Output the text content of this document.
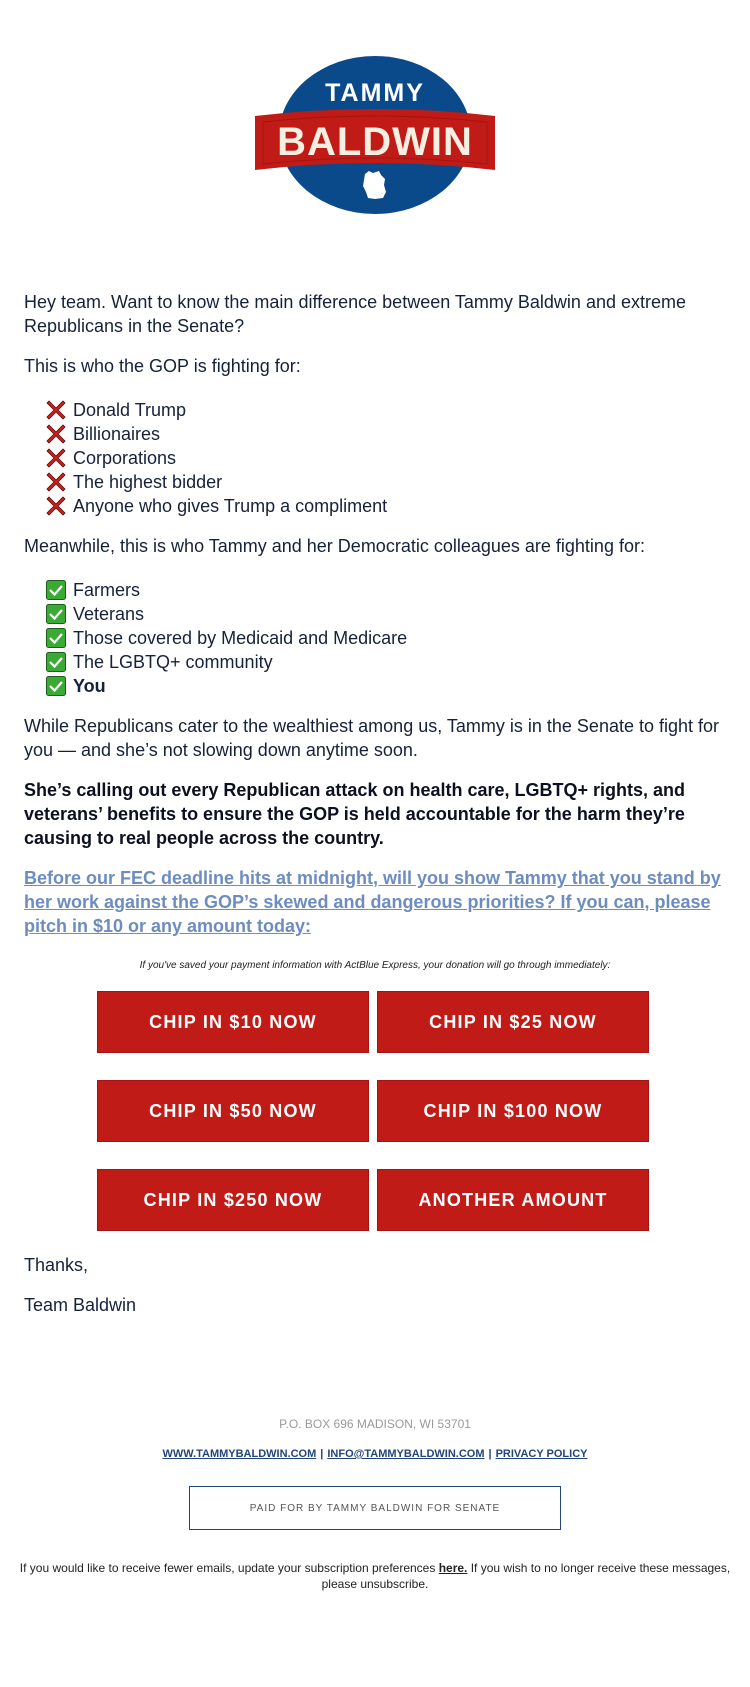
TAMMY
BALDWIN

Hey team. Want to know the main difference between Tammy Baldwin and extreme Republicans in the Senate?

This is who the GOP is fighting for:

Donald Trump
Billionaires
Corporations
The highest bidder
Anyone who gives Trump a compliment

Meanwhile, this is who Tammy and her Democratic colleagues are fighting for:

Farmers
Veterans
Those covered by Medicaid and Medicare
The LGBTQ+ community
You

While Republicans cater to the wealthiest among us, Tammy is in the Senate to fight for you — and she’s not slowing down anytime soon.

She’s calling out every Republican attack on health care, LGBTQ+ rights, and veterans’ benefits to ensure the GOP is held accountable for the harm they’re causing to real people across the country.

Before our FEC deadline hits at midnight, will you show Tammy that you stand by her work against the GOP’s skewed and dangerous priorities? If you can, please pitch in $10 or any amount today:

If you've saved your payment information with ActBlue Express, your donation will go through immediately:
CHIP IN $10 NOW	CHIP IN $25 NOW
CHIP IN $50 NOW	CHIP IN $100 NOW
CHIP IN $250 NOW	ANOTHER AMOUNT

Thanks,

Team Baldwin

P.O. BOX 696 MADISON, WI 53701
WWW.TAMMYBALDWIN.COM | INFO@TAMMYBALDWIN.COM | PRIVACY POLICY
PAID FOR BY TAMMY BALDWIN FOR SENATE
If you would like to receive fewer emails, update your subscription preferences here. If you wish to no longer receive these messages, please unsubscribe.
